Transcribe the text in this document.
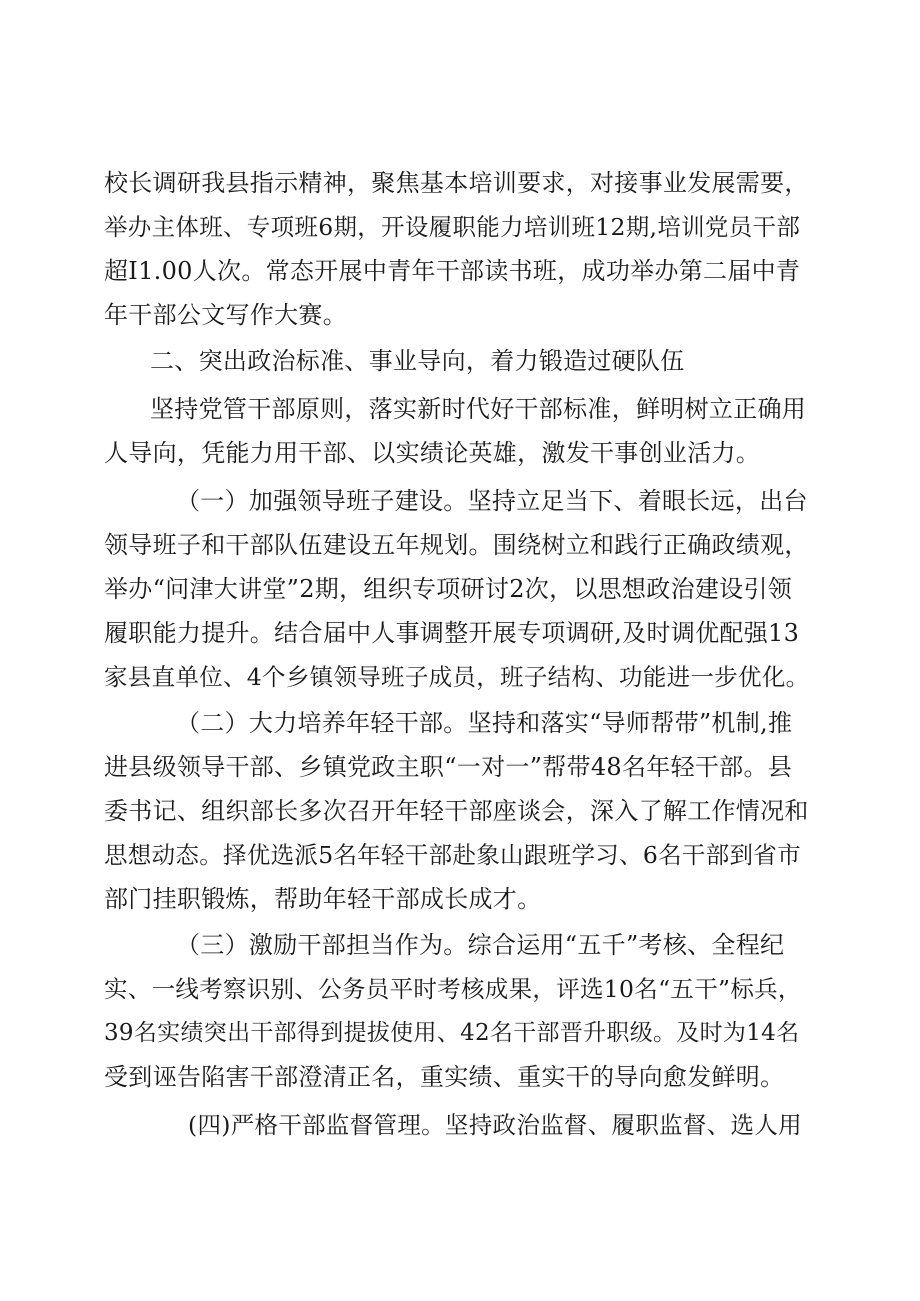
校长调研我县指示精神，聚焦基本培训要求，对接事业发展需要，
举办主体班、专项班6期，开设履职能力培训班12期,培训党员干部
超I1.00人次。常态开展中青年干部读书班，成功举办第二届中青
年干部公文写作大赛。
二、突出政治标准、事业导向，着力锻造过硬队伍
坚持党管干部原则，落实新时代好干部标准，鲜明树立正确用
人导向，凭能力用干部、以实绩论英雄，激发干事创业活力。
（一）加强领导班子建设。坚持立足当下、着眼长远，出台
领导班子和干部队伍建设五年规划。围绕树立和践行正确政绩观，
举办“问津大讲堂”2期，组织专项研讨2次，以思想政治建设引领
履职能力提升。结合届中人事调整开展专项调研,及时调优配强13
家县直单位、4个乡镇领导班子成员，班子结构、功能进一步优化。
（二）大力培养年轻干部。坚持和落实“导师帮带”机制,推
进县级领导干部、乡镇党政主职“一对一”帮带48名年轻干部。县
委书记、组织部长多次召开年轻干部座谈会，深入了解工作情况和
思想动态。择优选派5名年轻干部赴象山跟班学习、6名干部到省市
部门挂职锻炼，帮助年轻干部成长成才。
（三）激励干部担当作为。综合运用“五千”考核、全程纪
实、一线考察识别、公务员平时考核成果，评选10名“五干”标兵，
39名实绩突出干部得到提拔使用、42名干部晋升职级。及时为14名
受到诬告陷害干部澄清正名，重实绩、重实干的导向愈发鲜明。
(四)严格干部监督管理。坚持政治监督、履职监督、选人用
